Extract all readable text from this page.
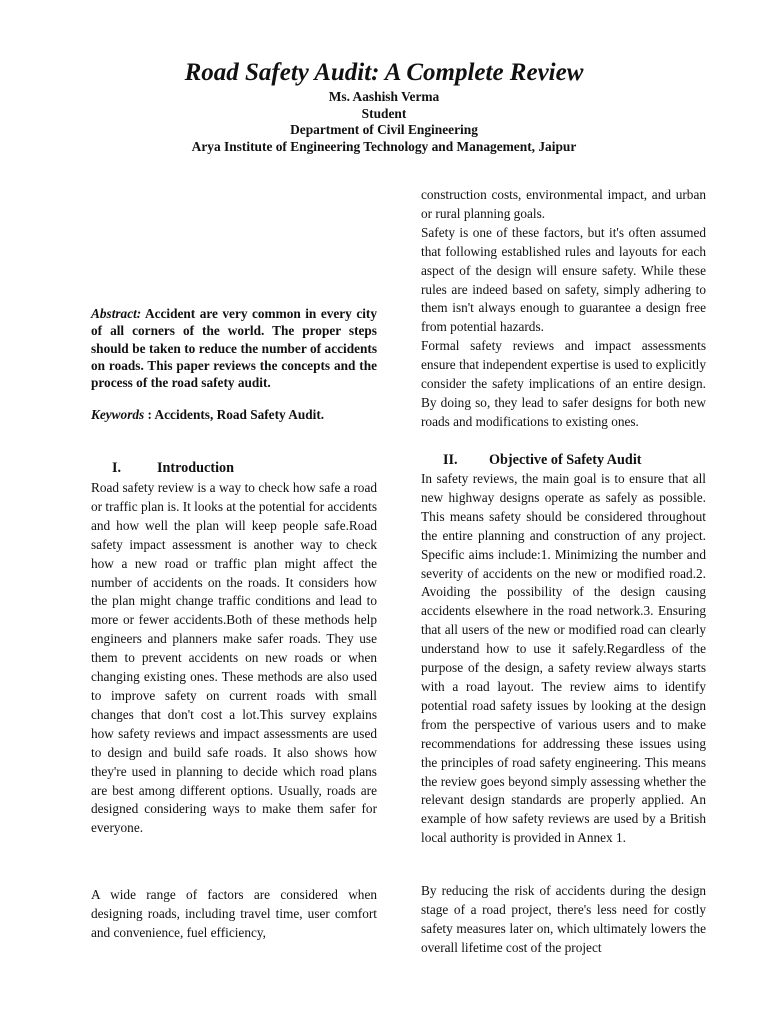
Road Safety Audit: A Complete Review
Ms. Aashish Verma
Student
Department of Civil Engineering
Arya Institute of Engineering Technology and Management, Jaipur
Abstract: Accident are very common in every city of all corners of the world. The proper steps should be taken to reduce the number of accidents on roads. This paper reviews the concepts and the process of the road safety audit.
Keywords : Accidents, Road Safety Audit.
I.	Introduction

Road safety review is a way to check how safe a road or traffic plan is. It looks at the potential for accidents and how well the plan will keep people safe.Road safety impact assessment is another way to check how a new road or traffic plan might affect the number of accidents on the roads. It considers how the plan might change traffic conditions and lead to more or fewer accidents.Both of these methods help engineers and planners make safer roads. They use them to prevent accidents on new roads or when changing existing ones. These methods are also used to improve safety on current roads with small changes that don't cost a lot.This survey explains how safety reviews and impact assessments are used to design and build safe roads. It also shows how they're used in planning to decide which road plans are best among different options. Usually, roads are designed considering ways to make them safer for everyone.

A wide range of factors are considered when designing roads, including travel time, user comfort and convenience, fuel efficiency,

construction costs, environmental impact, and urban or rural planning goals.

Safety is one of these factors, but it's often assumed that following established rules and layouts for each aspect of the design will ensure safety. While these rules are indeed based on safety, simply adhering to them isn't always enough to guarantee a design free from potential hazards.

Formal safety reviews and impact assessments ensure that independent expertise is used to explicitly consider the safety implications of an entire design. By doing so, they lead to safer designs for both new roads and modifications to existing ones.

II. Objective of Safety Audit

In safety reviews, the main goal is to ensure that all new highway designs operate as safely as possible. This means safety should be considered throughout the entire planning and construction of any project. Specific aims include:1. Minimizing the number and severity of accidents on the new or modified road.2. Avoiding the possibility of the design causing accidents elsewhere in the road network.3. Ensuring that all users of the new or modified road can clearly understand how to use it safely.Regardless of the purpose of the design, a safety review always starts with a road layout. The review aims to identify potential road safety issues by looking at the design from the perspective of various users and to make recommendations for addressing these issues using the principles of road safety engineering. This means the review goes beyond simply assessing whether the relevant design standards are properly applied. An example of how safety reviews are used by a British local authority is provided in Annex 1.

By reducing the risk of accidents during the design stage of a road project, there's less need for costly safety measures later on, which ultimately lowers the overall lifetime cost of the project
